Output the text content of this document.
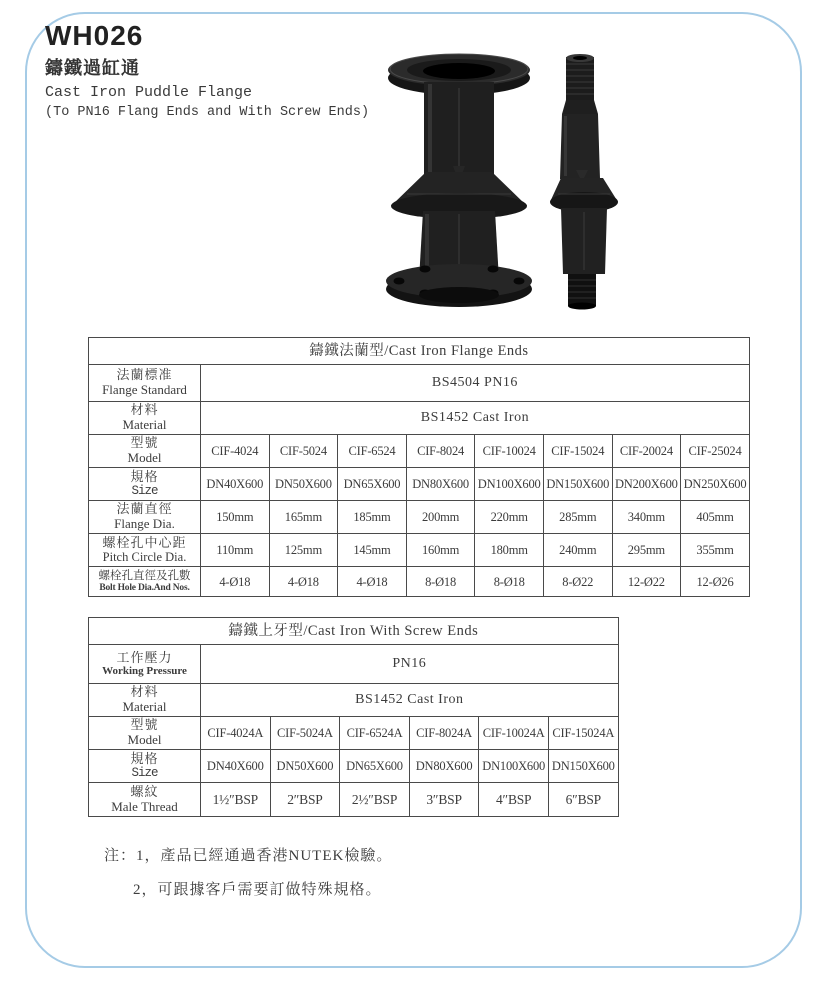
WH026
鑄鐵過缸通
Cast Iron Puddle Flange
(To PN16 Flang Ends and With Screw Ends)
鑄鐵法蘭型/Cast Iron Flange Ends								

法蘭標准
Flange Standard	BS4504 PN16							

材料
Material	BS1452 Cast Iron							

型號
Model	CIF-4024	CIF-5024	CIF-6524	CIF-8024	CIF-10024	CIF-15024	CIF-20024	CIF-25024

規格
Size	DN40X600	DN50X600	DN65X600	DN80X600	DN100X600	DN150X600	DN200X600	DN250X600

法蘭直徑
Flange Dia.	150mm	165mm	185mm	200mm	220mm	285mm	340mm	405mm

螺栓孔中心距
Pitch Circle Dia.	110mm	125mm	145mm	160mm	180mm	240mm	295mm	355mm

螺栓孔直徑及孔數
Bolt Hole Dia.And Nos.	4-Ø18	4-Ø18	4-Ø18	8-Ø18	8-Ø18	8-Ø22	12-Ø22	12-Ø26
鑄鐵上牙型/Cast Iron With Screw Ends						

工作壓力
Working Pressure	PN16					

材料
Material	BS1452 Cast Iron					

型號
Model	CIF-4024A	CIF-5024A	CIF-6524A	CIF-8024A	CIF-10024A	CIF-15024A

規格
Size	DN40X600	DN50X600	DN65X600	DN80X600	DN100X600	DN150X600

螺紋
Male Thread	1½″BSP	2″BSP	2½″BSP	3″BSP	4″BSP	6″BSP
注：1，產品已經通過香港NUTEK檢驗。
2，可跟據客戶需要訂做特殊規格。
